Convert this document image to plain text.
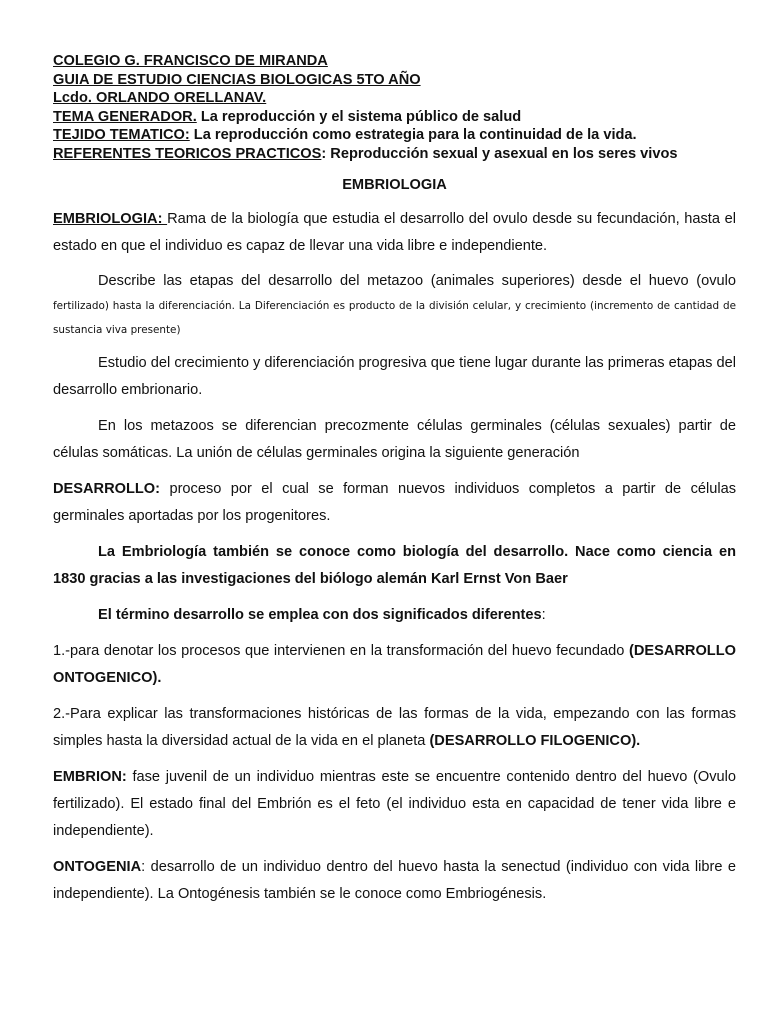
COLEGIO G. FRANCISCO DE MIRANDA
GUIA DE ESTUDIO CIENCIAS BIOLOGICAS 5TO AÑO
Lcdo. ORLANDO ORELLANAV.
TEMA GENERADOR. La reproducción y el sistema público de salud
TEJIDO TEMATICO: La reproducción como estrategia para la continuidad de la vida.
REFERENTES TEORICOS PRACTICOS: Reproducción sexual y asexual en los seres vivos
EMBRIOLOGIA

EMBRIOLOGIA: Rama de la biología que estudia el desarrollo del ovulo desde su fecundación, hasta el estado en que el individuo es capaz de llevar una vida libre e independiente.

Describe las etapas del desarrollo del metazoo (animales superiores) desde el huevo (ovulo fertilizado) hasta la diferenciación. La Diferenciación es producto de la división celular, y crecimiento (incremento de cantidad de sustancia viva presente)

Estudio del crecimiento y diferenciación progresiva que tiene lugar durante las primeras etapas del desarrollo embrionario.

En los metazoos se diferencian precozmente células germinales (células sexuales) partir de células somáticas. La unión de células germinales origina la siguiente generación

DESARROLLO: proceso por el cual se forman nuevos individuos completos a partir de células germinales aportadas por los progenitores.

La Embriología también se conoce como biología del desarrollo. Nace como ciencia en 1830 gracias a las investigaciones del biólogo alemán Karl Ernst Von Baer

El término desarrollo se emplea con dos significados diferentes:

1.-para denotar los procesos que intervienen en la transformación del huevo fecundado (DESARROLLO ONTOGENICO).

2.-Para explicar las transformaciones históricas de las formas de la vida, empezando con las formas simples hasta la diversidad actual de la vida en el planeta (DESARROLLO FILOGENICO).

EMBRION: fase juvenil de un individuo mientras este se encuentre contenido dentro del huevo (Ovulo fertilizado). El estado final del Embrión es el feto (el individuo esta en capacidad de tener vida libre e independiente).

ONTOGENIA: desarrollo de un individuo dentro del huevo hasta la senectud (individuo con vida libre e independiente). La Ontogénesis también se le conoce como Embriogénesis.
